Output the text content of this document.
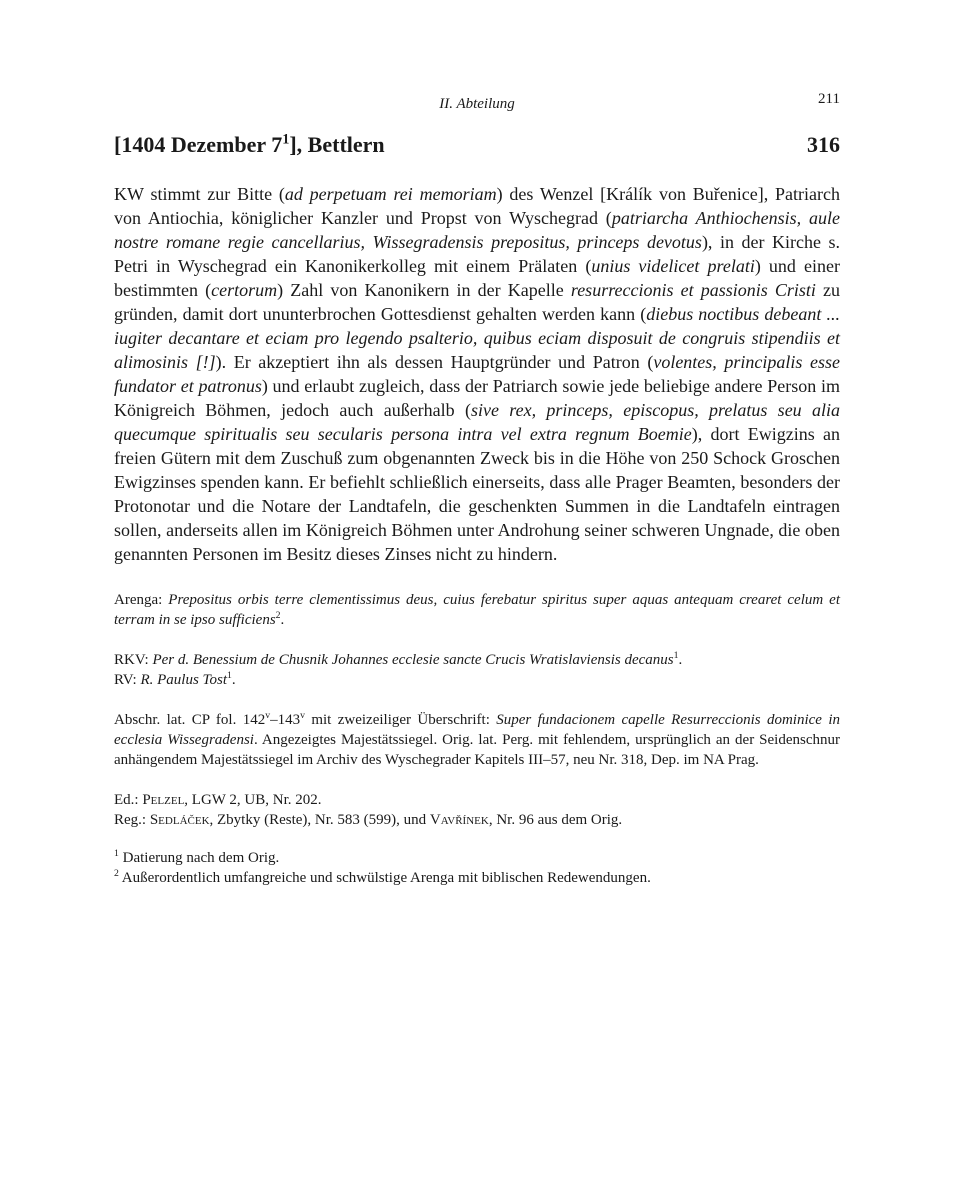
II. Abteilung	211
[1404 Dezember $7^1$], Bettlern	316
KW stimmt zur Bitte (ad perpetuam rei memoriam) des Wenzel [Králík von Buřenice], Patriarch von Antiochia, königlicher Kanzler und Propst von Wyschegrad (patriarcha Anthiochensis, aule nostre romane regie cancellarius, Wissegradensis prepositus, princeps devotus), in der Kirche s. Petri in Wyschegrad ein Kanonikerkolleg mit einem Prälaten (unius videlicet prelati) und einer bestimmten (certorum) Zahl von Kanonikern in der Kapelle resurreccionis et passionis Cristi zu gründen, damit dort ununterbrochen Gottesdienst gehalten werden kann (diebus noctibus debeant ... iugiter decantare et eciam pro legendo psalterio, quibus eciam disposuit de congruis stipendiis et alimosinis [!]). Er akzeptiert ihn als dessen Hauptgründer und Patron (volentes, principalis esse fundator et patronus) und erlaubt zugleich, dass der Patriarch sowie jede beliebige andere Person im Königreich Böhmen, jedoch auch außerhalb (sive rex, princeps, episcopus, prelatus seu alia quecumque spiritualis seu secularis persona intra vel extra regnum Boemie), dort Ewigzins an freien Gütern mit dem Zuschuß zum obgenannten Zweck bis in die Höhe von 250 Schock Groschen Ewigzinses spenden kann. Er befiehlt schließlich einerseits, dass alle Prager Beamten, besonders der Protonotar und die Notare der Landtafeln, die geschenkten Summen in die Landtafeln eintragen sollen, anderseits allen im Königreich Böhmen unter Androhung seiner schweren Ungnade, die oben genannten Personen im Besitz dieses Zinses nicht zu hindern.
Arenga: Prepositus orbis terre clementissimus deus, cuius ferebatur spiritus super aquas antequam crearet celum et terram in se ipso sufficiens$^2$.
RKV: Per d. Benessium de Chusnik Johannes ecclesie sancte Crucis Wratislaviensis decanus$^1$.
RV: R. Paulus Tost$^1$.
Abschr. lat. CP fol. 142$^v$–143$^v$ mit zweizeiliger Überschrift: Super fundacionem capelle Resurreccionis dominice in ecclesia Wissegradensi. Angezeigtes Majestätssiegel. Orig. lat. Perg. mit fehlendem, ursprünglich an der Seidenschnur anhängendem Majestätssiegel im Archiv des Wyschegrader Kapitels III–57, neu Nr. 318, Dep. im NA Prag.
Ed.: Pelzel, LGW 2, UB, Nr. 202.
Reg.: Sedláček, Zbytky (Reste), Nr. 583 (599), und Vavřínek, Nr. 96 aus dem Orig.
$^1$ Datierung nach dem Orig.
$^2$ Außerordentlich umfangreiche und schwülstige Arenga mit biblischen Redewendungen.
